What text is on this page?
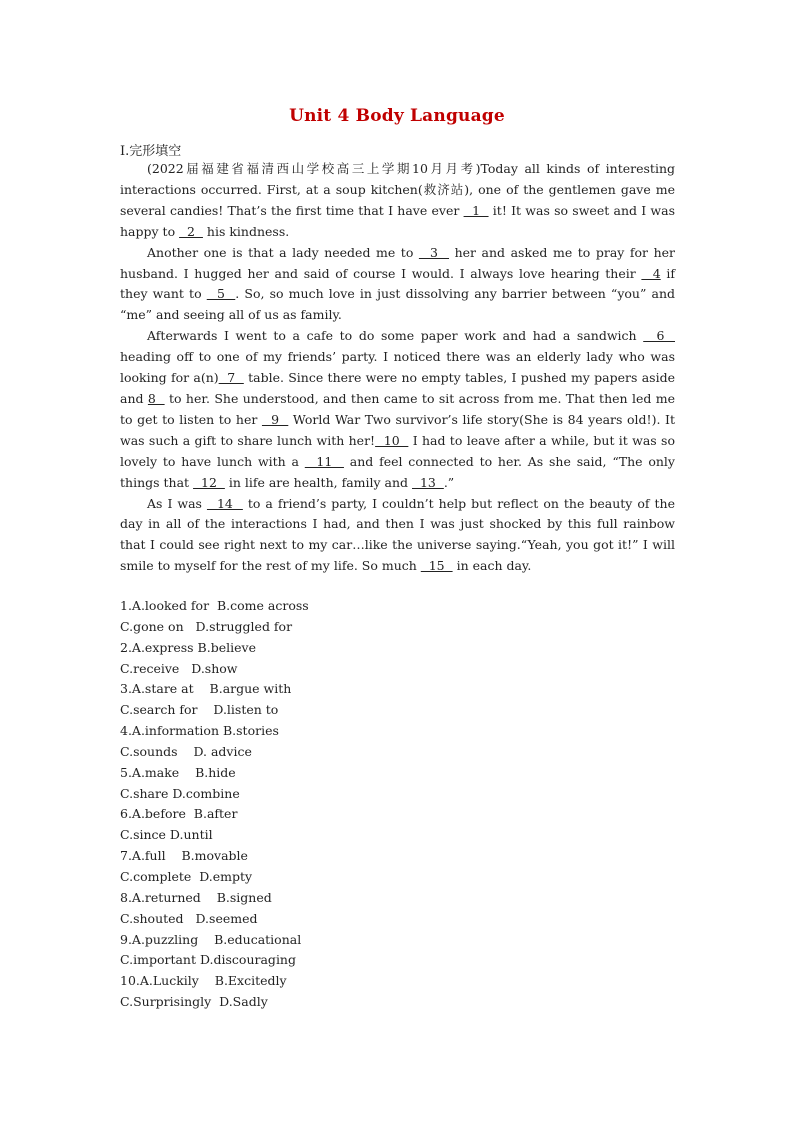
Unit 4 Body Language
Ⅰ.完形填空

(2022届福建省福清西山学校高三上学期10月月考)Today all kinds of interesting interactions occurred. First, at a soup kitchen(救济站), one of the gentlemen gave me several candies! That’s the first time that I have ever   1   it! It was so sweet and I was happy to   2   his kindness.

Another one is that a lady needed me to   3   her and asked me to pray for her husband. I hugged her and said of course I would. I always love hearing their   4 if they want to   5  . So, so much love in just dissolving any barrier between “you” and “me” and seeing all of us as family.

Afterwards I went to a cafe to do some paper work and had a sandwich   6   heading off to one of my friends’ party. I noticed there was an elderly lady who was looking for a(n)  7   table. Since there were no empty tables, I pushed my papers aside and 8   to her. She understood, and then came to sit across from me. That then led me to get to listen to her   9   World War Two survivor’s life story(She is 84 years old!). It was such a gift to share lunch with her!  10   I had to leave after a while, but it was so lovely to have lunch with a   11   and feel connected to her. As she said, “The only things that   12   in life are health, family and   13  .”

As I was   14   to a friend’s party, I couldn’t help but reflect on the beauty of the day in all of the interactions I had, and then I was just shocked by this full rainbow that I could see right next to my car…like the universe saying.“Yeah, you got it!” I will smile to myself for the rest of my life. So much   15   in each day.

1.A.looked for  B.come across
C.gone on   D.struggled for
2.A.express B.believe
C.receive   D.show
3.A.stare at    B.argue with
C.search for    D.listen to
4.A.information B.stories
C.sounds    D. advice
5.A.make    B.hide
C.share D.combine
6.A.before  B.after
C.since D.until
7.A.full    B.movable
C.complete  D.empty
8.A.returned    B.signed
C.shouted   D.seemed
9.A.puzzling    B.educational
C.important D.discouraging
10.A.Luckily    B.Excitedly
C.Surprisingly  D.Sadly
